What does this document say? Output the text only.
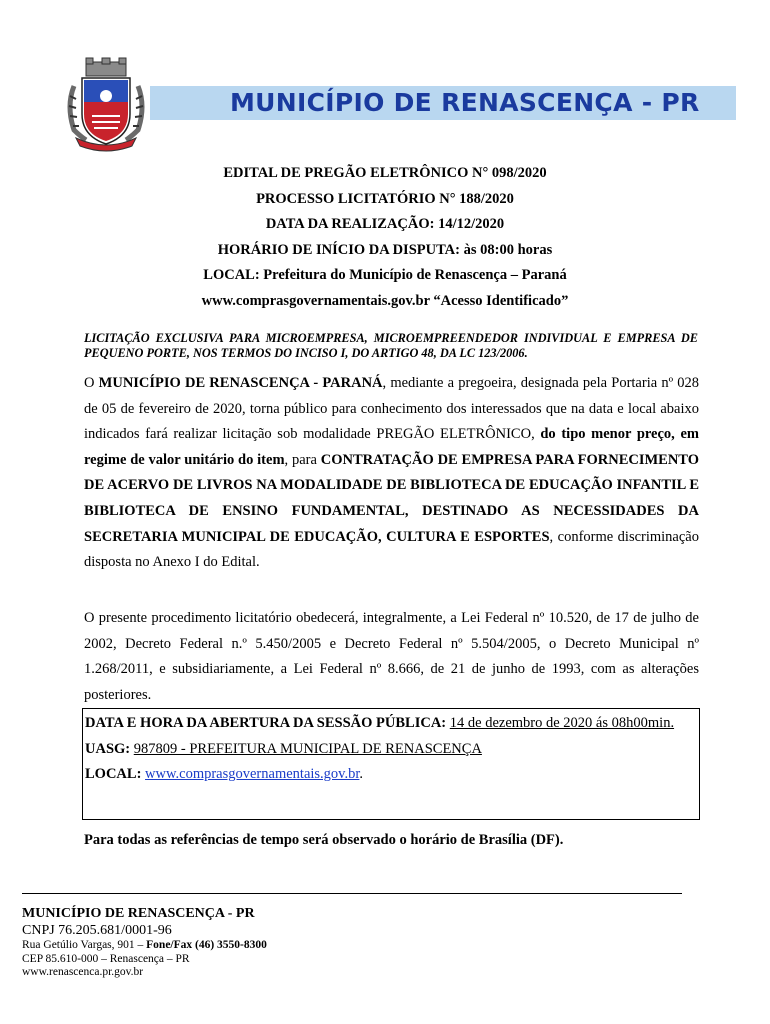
MUNICÍPIO DE RENASCENÇA - PR
EDITAL DE PREGÃO ELETRÔNICO N° 098/2020
PROCESSO LICITATÓRIO N° 188/2020
DATA DA REALIZAÇÃO: 14/12/2020
HORÁRIO DE INÍCIO DA DISPUTA: às 08:00 horas
LOCAL: Prefeitura do Município de Renascença – Paraná
www.comprasgovernamentais.gov.br “Acesso Identificado”
LICITAÇÃO EXCLUSIVA PARA MICROEMPRESA, MICROEMPREENDEDOR INDIVIDUAL E EMPRESA DE PEQUENO PORTE, NOS TERMOS DO INCISO I, DO ARTIGO 48, DA LC 123/2006.
O MUNICÍPIO DE RENASCENÇA - PARANÁ, mediante a pregoeira, designada pela Portaria nº 028 de 05 de fevereiro de 2020, torna público para conhecimento dos interessados que na data e local abaixo indicados fará realizar licitação sob modalidade PREGÃO ELETRÔNICO, do tipo menor preço, em regime de valor unitário do item, para CONTRATAÇÃO DE EMPRESA PARA FORNECIMENTO DE ACERVO DE LIVROS NA MODALIDADE DE BIBLIOTECA DE EDUCAÇÃO INFANTIL E BIBLIOTECA DE ENSINO FUNDAMENTAL, DESTINADO AS NECESSIDADES DA SECRETARIA MUNICIPAL DE EDUCAÇÃO, CULTURA E ESPORTES, conforme discriminação disposta no Anexo I do Edital.
O presente procedimento licitatório obedecerá, integralmente, a Lei Federal nº 10.520, de 17 de julho de 2002, Decreto Federal n.º 5.450/2005 e Decreto Federal nº 5.504/2005, o Decreto Municipal nº 1.268/2011, e subsidiariamente, a Lei Federal nº 8.666, de 21 de junho de 1993, com as alterações posteriores.
DATA E HORA DA ABERTURA DA SESSÃO PÚBLICA: 14 de dezembro de 2020 ás 08h00min.
UASG: 987809 - PREFEITURA MUNICIPAL DE RENASCENÇA
LOCAL: www.comprasgovernamentais.gov.br.
Para todas as referências de tempo será observado o horário de Brasília (DF).
MUNICÍPIO DE RENASCENÇA - PR
CNPJ 76.205.681/0001-96
Rua Getúlio Vargas, 901 – Fone/Fax (46) 3550-8300
CEP 85.610-000 – Renascença – PR
www.renascenca.pr.gov.br
